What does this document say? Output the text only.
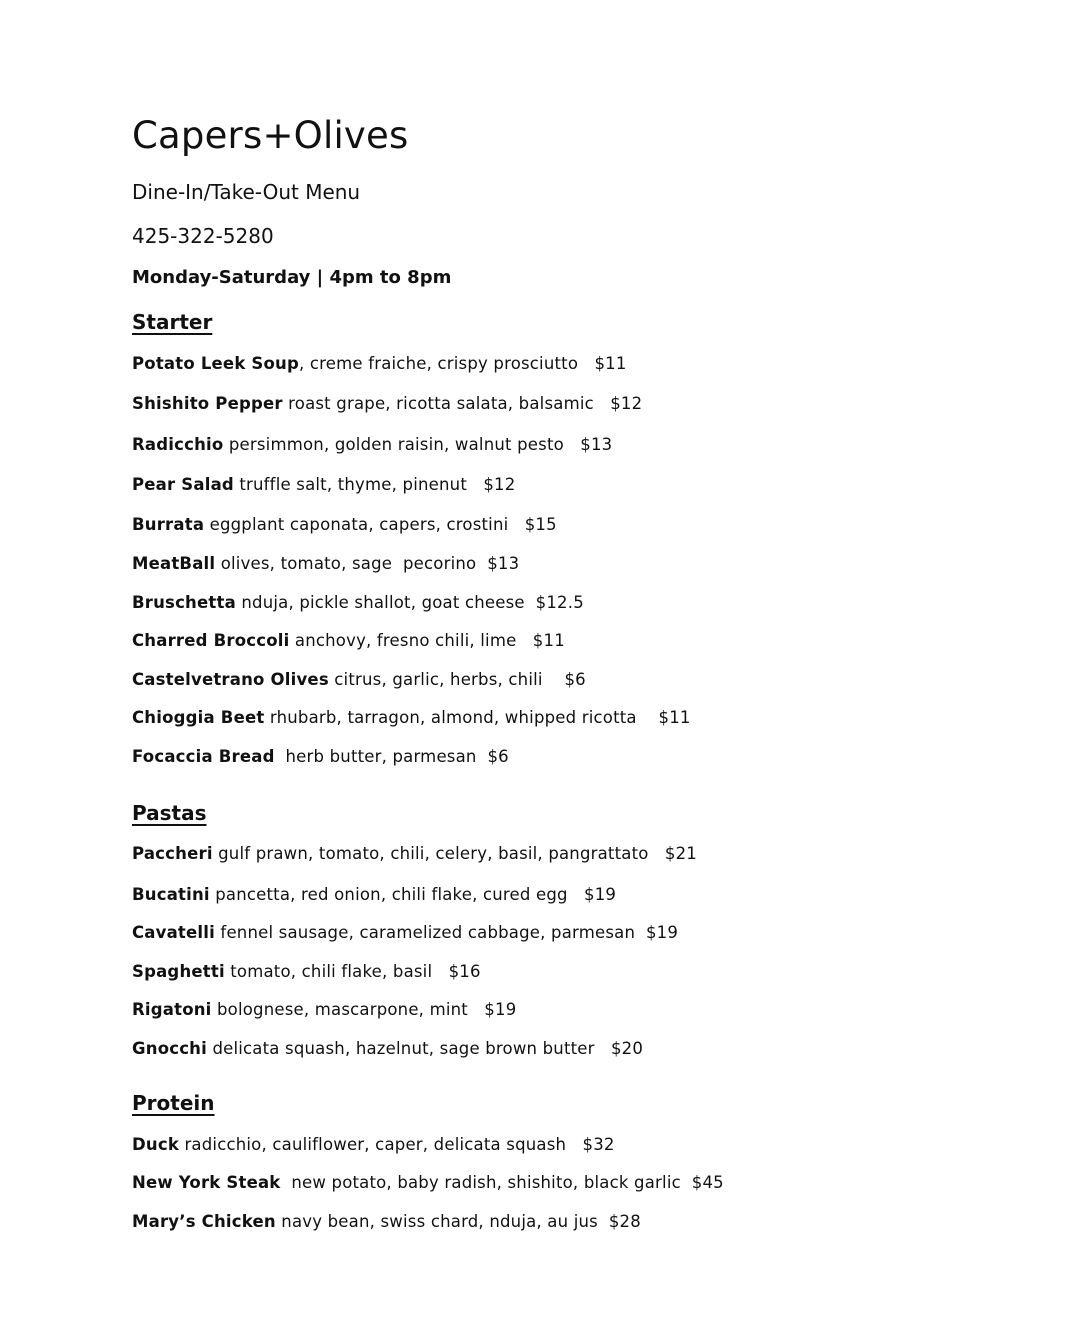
Capers+Olives
Dine-In/Take-Out Menu
425-322-5280
Monday-Saturday | 4pm to 8pm
Starter
Potato Leek Soup, creme fraiche, crispy prosciutto   $11
Shishito Pepper roast grape, ricotta salata, balsamic   $12
Radicchio persimmon, golden raisin, walnut pesto   $13
Pear Salad truffle salt, thyme, pinenut   $12
Burrata eggplant caponata, capers, crostini   $15
MeatBall olives, tomato, sage  pecorino  $13
Bruschetta nduja, pickle shallot, goat cheese  $12.5
Charred Broccoli anchovy, fresno chili, lime   $11
Castelvetrano Olives citrus, garlic, herbs, chili    $6
Chioggia Beet rhubarb, tarragon, almond, whipped ricotta    $11
Focaccia Bread  herb butter, parmesan  $6
Pastas
Paccheri gulf prawn, tomato, chili, celery, basil, pangrattato   $21
Bucatini pancetta, red onion, chili flake, cured egg   $19
Cavatelli fennel sausage, caramelized cabbage, parmesan  $19
Spaghetti tomato, chili flake, basil   $16
Rigatoni bolognese, mascarpone, mint   $19
Gnocchi delicata squash, hazelnut, sage brown butter   $20
Protein
Duck radicchio, cauliflower, caper, delicata squash   $32
New York Steak  new potato, baby radish, shishito, black garlic  $45
Mary’s Chicken navy bean, swiss chard, nduja, au jus  $28
